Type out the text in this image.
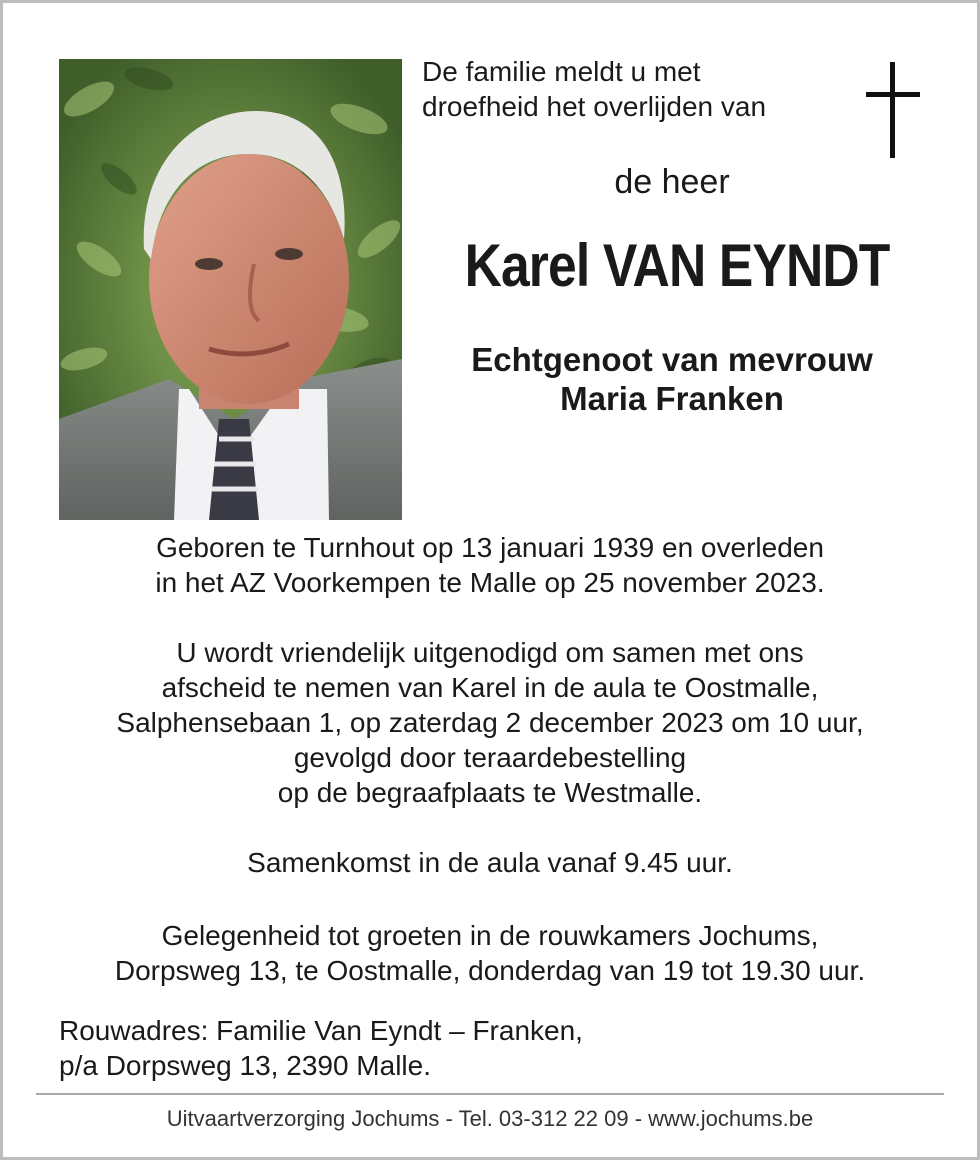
De familie meldt u met
droefheid het overlijden van
de heer
Karel VAN EYNDT
Echtgenoot van mevrouw
Maria Franken
Geboren te Turnhout op 13 januari 1939 en overleden
in het AZ Voorkempen te Malle op 25 november 2023.
U wordt vriendelijk uitgenodigd om samen met ons
afscheid te nemen van Karel in de aula te Oostmalle,
Salphensebaan 1, op zaterdag 2 december 2023 om 10 uur,
gevolgd door teraardebestelling
op de begraafplaats te Westmalle.
Samenkomst in de aula vanaf 9.45 uur.
Gelegenheid tot groeten in de rouwkamers Jochums,
Dorpsweg 13, te Oostmalle, donderdag van 19 tot 19.30 uur.
Rouwadres: Familie Van Eyndt – Franken,
p/a Dorpsweg 13, 2390 Malle.
Uitvaartverzorging Jochums - Tel. 03-312 22 09 - www.jochums.be
